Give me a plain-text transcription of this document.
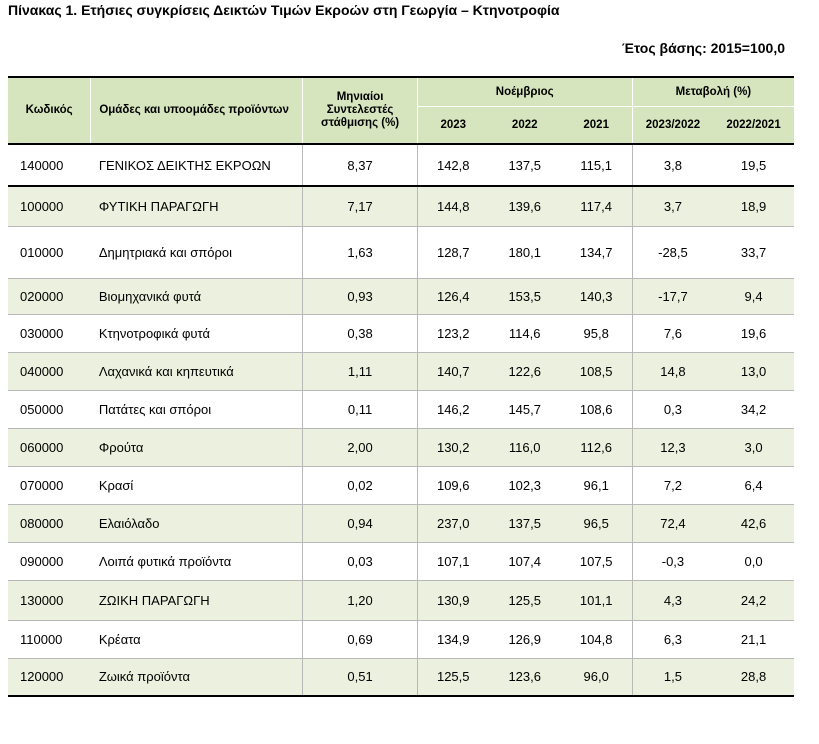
Πίνακας 1. Ετήσιες συγκρίσεις Δεικτών Τιμών Εκροών στη Γεωργία – Κτηνοτροφία
Έτος βάσης: 2015=100,0
Κωδικός	Ομάδες και υποομάδες προϊόντων	Μηνιαίοι Συντελεστές στάθμισης (%)	Νοέμβριος			Μεταβολή (%)	
			2023	2022	2021	2023/2022	2022/2021
140000	ΓΕΝΙΚΟΣ ΔΕΙΚΤΗΣ ΕΚΡΟΩΝ	8,37	142,8	137,5	115,1	3,8	19,5
100000	ΦΥΤΙΚΗ ΠΑΡΑΓΩΓΗ	7,17	144,8	139,6	117,4	3,7	18,9
010000	Δημητριακά και σπόροι	1,63	128,7	180,1	134,7	-28,5	33,7
020000	Βιομηχανικά φυτά	0,93	126,4	153,5	140,3	-17,7	9,4
030000	Κτηνοτροφικά φυτά	0,38	123,2	114,6	95,8	7,6	19,6
040000	Λαχανικά και κηπευτικά	1,11	140,7	122,6	108,5	14,8	13,0
050000	Πατάτες και σπόροι	0,11	146,2	145,7	108,6	0,3	34,2
060000	Φρούτα	2,00	130,2	116,0	112,6	12,3	3,0
070000	Κρασί	0,02	109,6	102,3	96,1	7,2	6,4
080000	Ελαιόλαδο	0,94	237,0	137,5	96,5	72,4	42,6
090000	Λοιπά φυτικά προϊόντα	0,03	107,1	107,4	107,5	-0,3	0,0
130000	ΖΩΙΚΗ ΠΑΡΑΓΩΓΗ	1,20	130,9	125,5	101,1	4,3	24,2
110000	Κρέατα	0,69	134,9	126,9	104,8	6,3	21,1
120000	Ζωικά προϊόντα	0,51	125,5	123,6	96,0	1,5	28,8
